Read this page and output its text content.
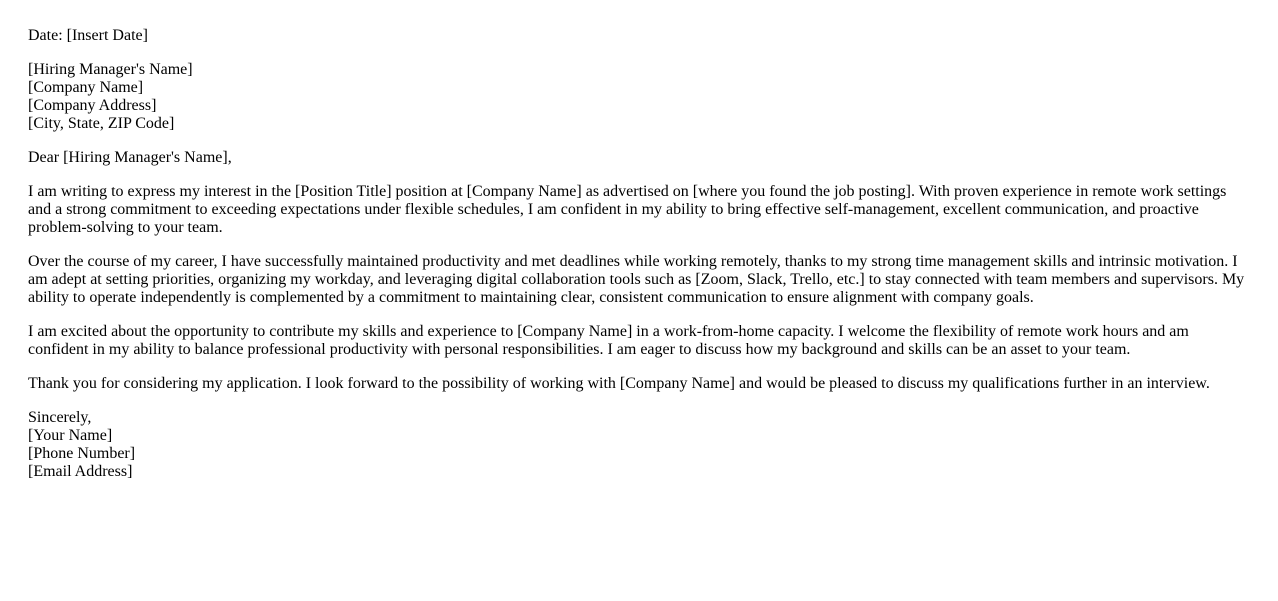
Date: [Insert Date]
[Hiring Manager's Name]
[Company Name]
[Company Address]
[City, State, ZIP Code]
Dear [Hiring Manager's Name],
I am writing to express my interest in the [Position Title] position at [Company Name] as advertised on [where you found the job posting]. With proven experience in remote work settings and a strong commitment to exceeding expectations under flexible schedules, I am confident in my ability to bring effective self-management, excellent communication, and proactive problem-solving to your team.
Over the course of my career, I have successfully maintained productivity and met deadlines while working remotely, thanks to my strong time management skills and intrinsic motivation. I am adept at setting priorities, organizing my workday, and leveraging digital collaboration tools such as [Zoom, Slack, Trello, etc.] to stay connected with team members and supervisors. My ability to operate independently is complemented by a commitment to maintaining clear, consistent communication to ensure alignment with company goals.
I am excited about the opportunity to contribute my skills and experience to [Company Name] in a work-from-home capacity. I welcome the flexibility of remote work hours and am confident in my ability to balance professional productivity with personal responsibilities. I am eager to discuss how my background and skills can be an asset to your team.
Thank you for considering my application. I look forward to the possibility of working with [Company Name] and would be pleased to discuss my qualifications further in an interview.
Sincerely,
[Your Name]
[Phone Number]
[Email Address]
